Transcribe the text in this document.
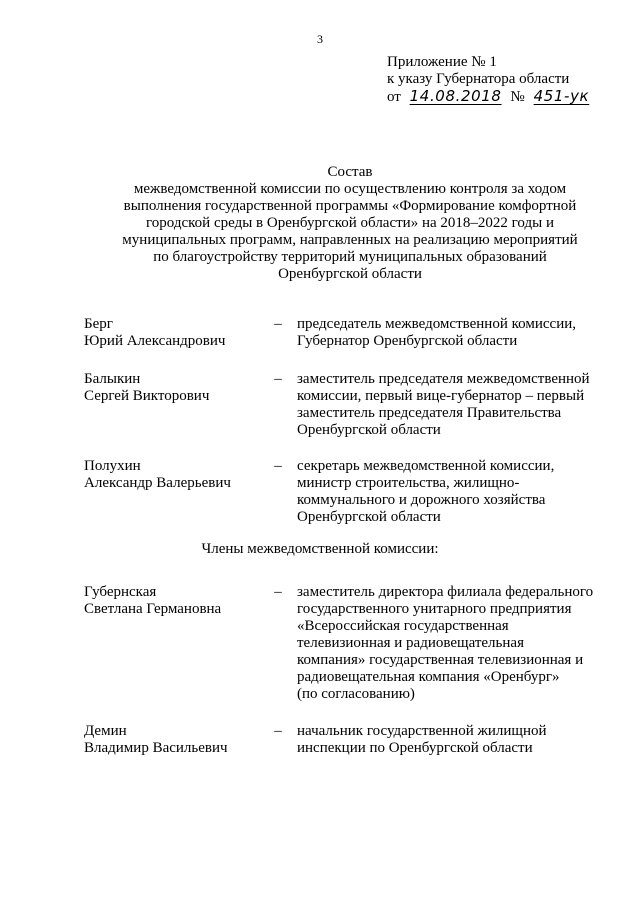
3
Приложение № 1
к указу Губернатора области
от 14.08.2018 № 451-ук
Состав
межведомственной комиссии по осуществлению контроля за ходом
выполнения государственной программы «Формирование комфортной
городской среды в Оренбургской области» на 2018–2022 годы и
муниципальных программ, направленных на реализацию мероприятий
по благоустройству территорий муниципальных образований
Оренбургской области
Берг
Юрий Александрович
–	председатель межведомственной комиссии,
Губернатор Оренбургской области
Балыкин
Сергей Викторович
–	заместитель председателя межведомственной
комиссии, первый вице-губернатор – первый
заместитель председателя Правительства
Оренбургской области
Полухин
Александр Валерьевич
–	секретарь межведомственной комиссии,
министр строительства, жилищно-
коммунального и дорожного хозяйства
Оренбургской области
Члены межведомственной комиссии:
Губернская
Светлана Германовна
–	заместитель директора филиала федерального
государственного унитарного предприятия
«Всероссийская государственная
телевизионная и радиовещательная
компания» государственная телевизионная и
радиовещательная компания «Оренбург»
(по согласованию)
Демин
Владимир Васильевич
–	начальник государственной жилищной
инспекции по Оренбургской области
